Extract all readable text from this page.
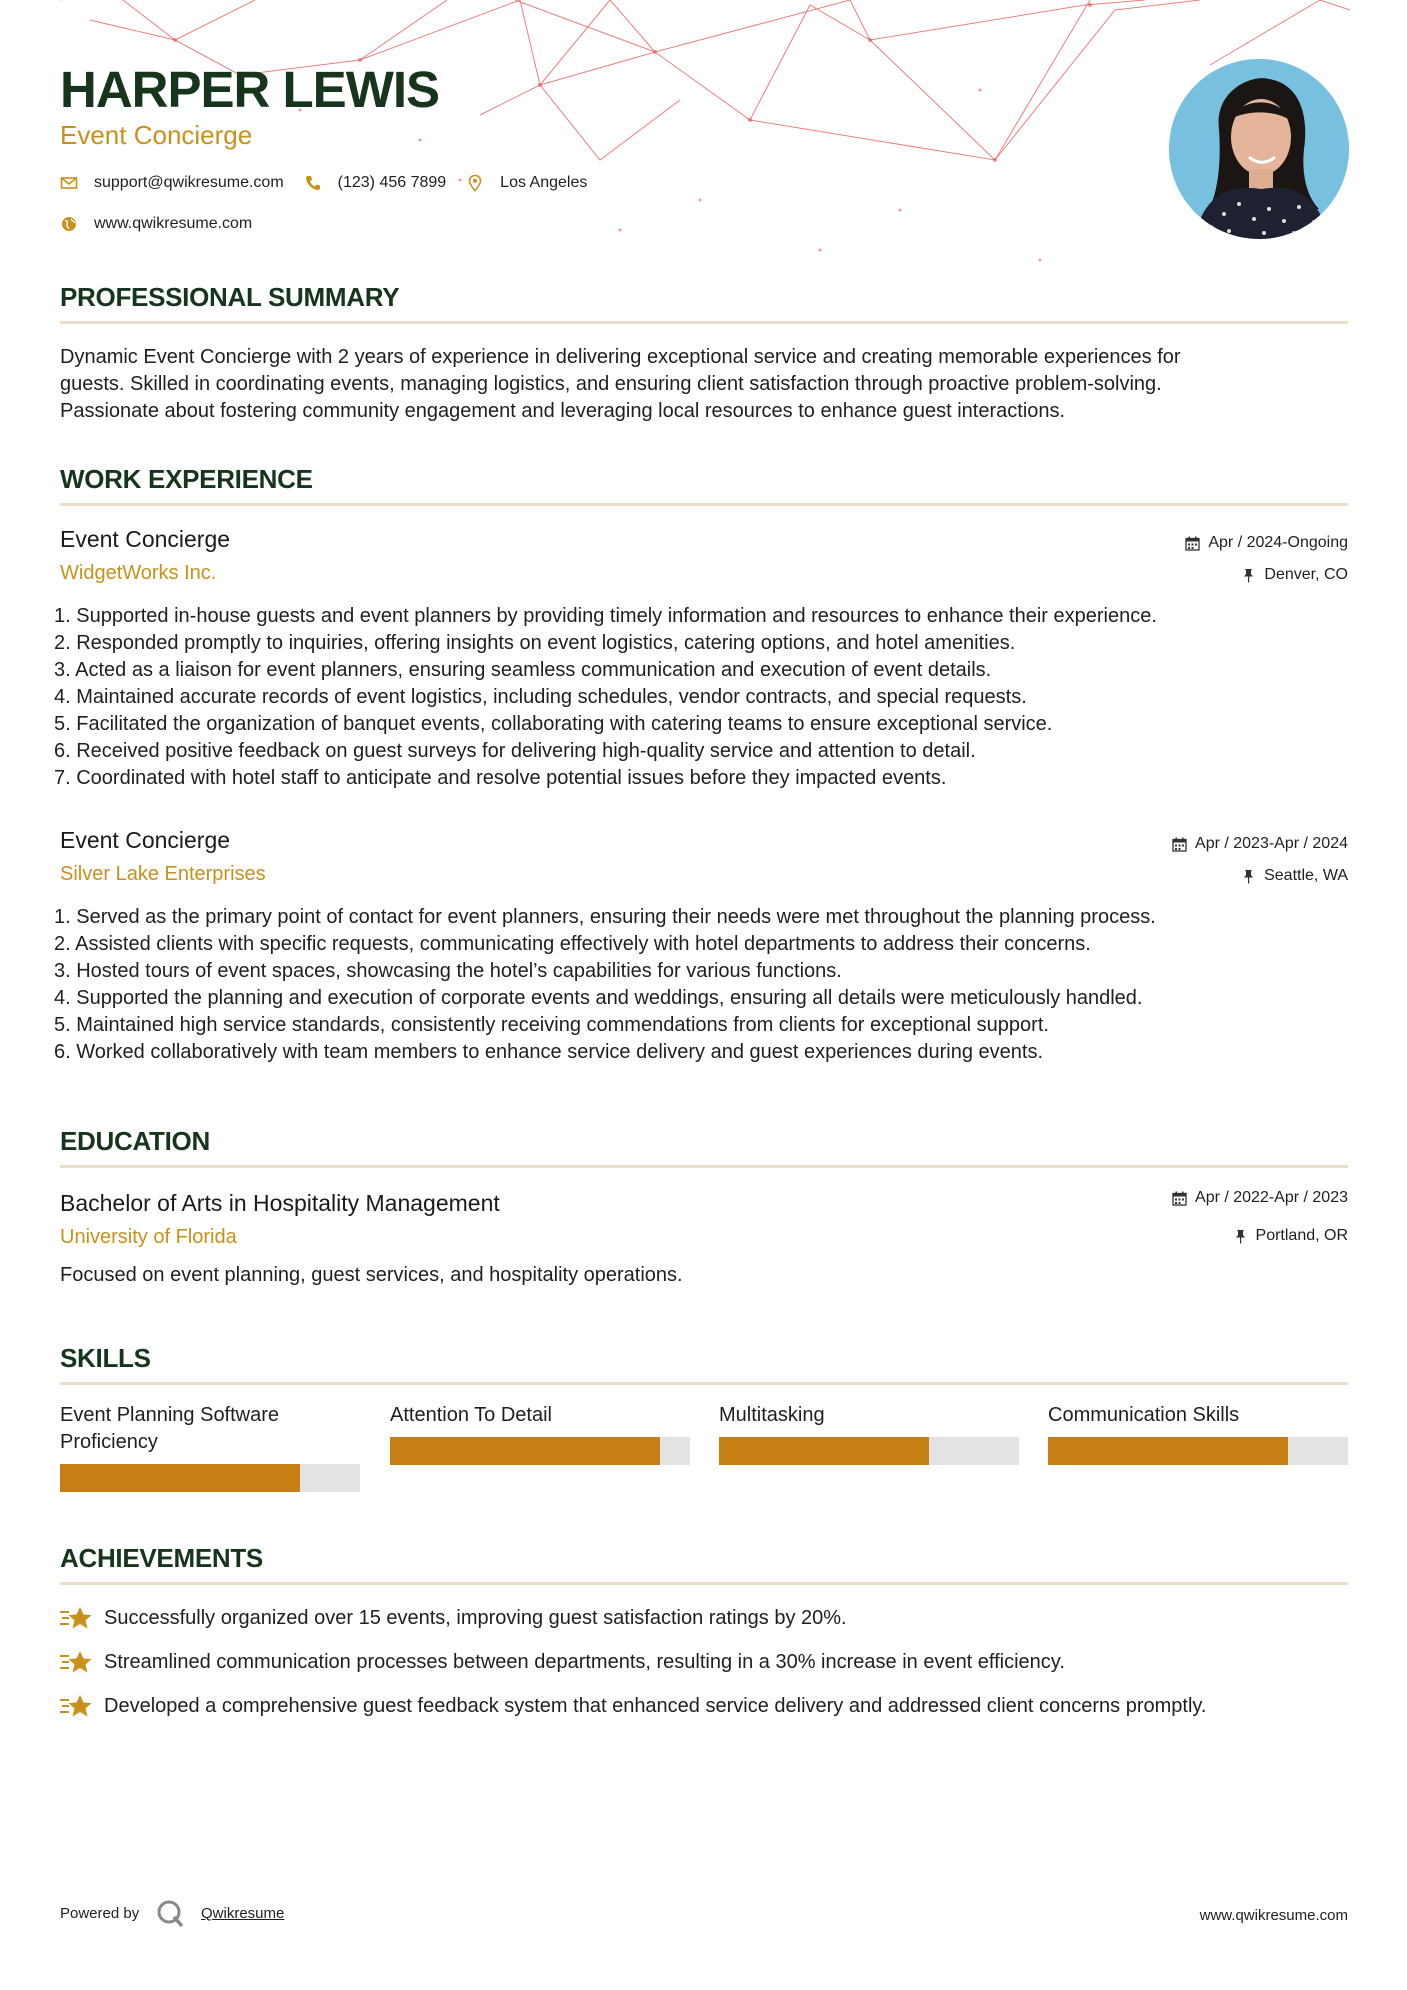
HARPER LEWIS
Event Concierge
support@qwikresume.com	(123) 456 7899	Los Angeles
www.qwikresume.com
PROFESSIONAL SUMMARY
Dynamic Event Concierge with 2 years of experience in delivering exceptional service and creating memorable experiences for
guests. Skilled in coordinating events, managing logistics, and ensuring client satisfaction through proactive problem-solving.
Passionate about fostering community engagement and leveraging local resources to enhance guest interactions.
WORK EXPERIENCE
Event Concierge
WidgetWorks Inc.
Apr / 2024-Ongoing
Denver, CO
1. Supported in-house guests and event planners by providing timely information and resources to enhance their experience.
2. Responded promptly to inquiries, offering insights on event logistics, catering options, and hotel amenities.
3. Acted as a liaison for event planners, ensuring seamless communication and execution of event details.
4. Maintained accurate records of event logistics, including schedules, vendor contracts, and special requests.
5. Facilitated the organization of banquet events, collaborating with catering teams to ensure exceptional service.
6. Received positive feedback on guest surveys for delivering high-quality service and attention to detail.
7. Coordinated with hotel staff to anticipate and resolve potential issues before they impacted events.
Event Concierge
Silver Lake Enterprises
Apr / 2023-Apr / 2024
Seattle, WA
1. Served as the primary point of contact for event planners, ensuring their needs were met throughout the planning process.
2. Assisted clients with specific requests, communicating effectively with hotel departments to address their concerns.
3. Hosted tours of event spaces, showcasing the hotel’s capabilities for various functions.
4. Supported the planning and execution of corporate events and weddings, ensuring all details were meticulously handled.
5. Maintained high service standards, consistently receiving commendations from clients for exceptional support.
6. Worked collaboratively with team members to enhance service delivery and guest experiences during events.
EDUCATION
Bachelor of Arts in Hospitality Management
University of Florida
Apr / 2022-Apr / 2023
Portland, OR
Focused on event planning, guest services, and hospitality operations.
SKILLS
Event Planning Software Proficiency
Attention To Detail	Multitasking	Communication Skills
ACHIEVEMENTS
Successfully organized over 15 events, improving guest satisfaction ratings by 20%.
Streamlined communication processes between departments, resulting in a 30% increase in event efficiency.
Developed a comprehensive guest feedback system that enhanced service delivery and addressed client concerns promptly.
Powered by	Qwikresume	www.qwikresume.com
